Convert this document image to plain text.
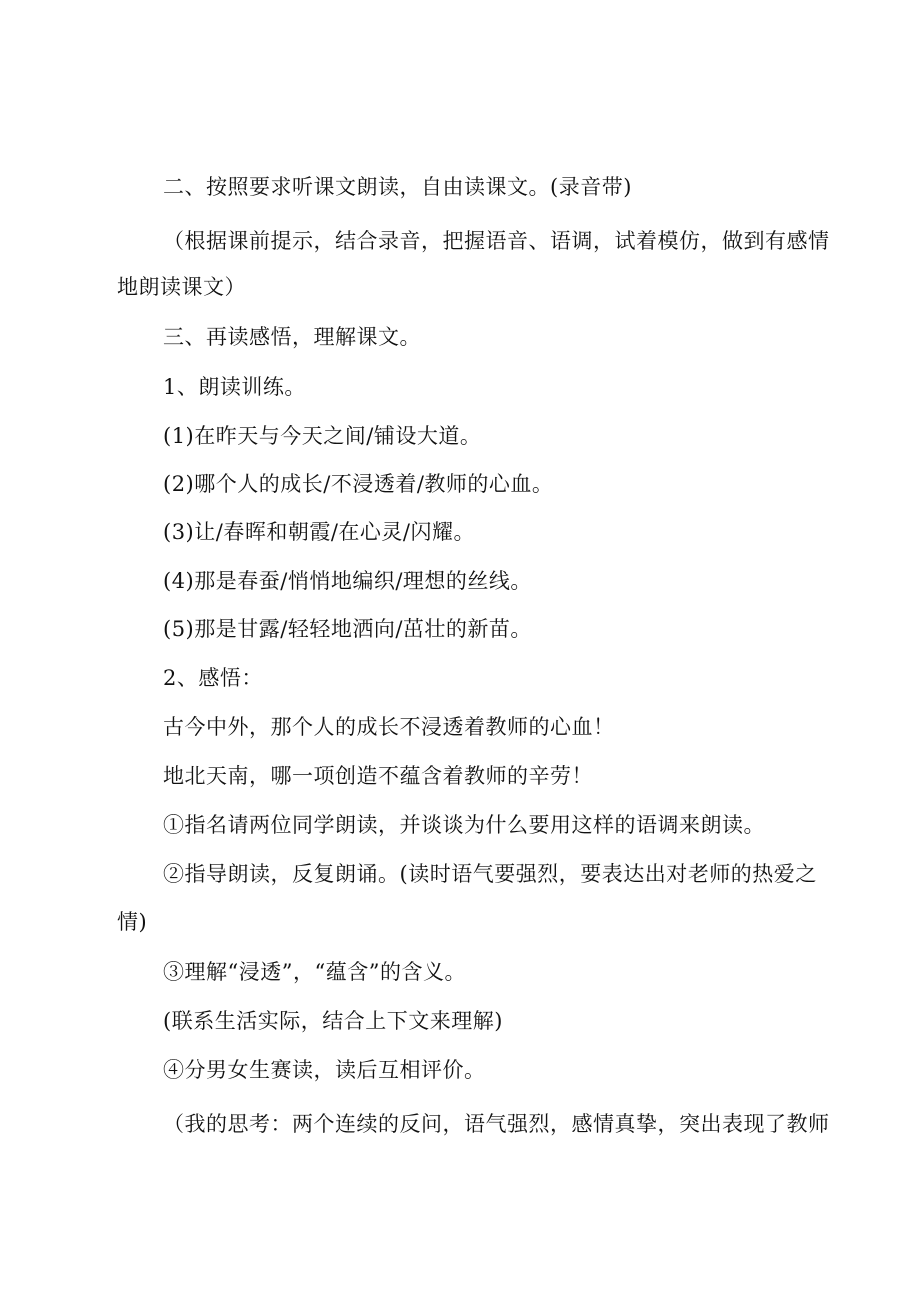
二、按照要求听课文朗读，自由读课文。(录音带)
（根据课前提示，结合录音，把握语音、语调，试着模仿，做到有感情
地朗读课文）
三、再读感悟，理解课文。
1、朗读训练。
(1)在昨天与今天之间/铺设大道。
(2)哪个人的成长/不浸透着/教师的心血。
(3)让/春晖和朝霞/在心灵/闪耀。
(4)那是春蚕/悄悄地编织/理想的丝线。
(5)那是甘露/轻轻地洒向/茁壮的新苗。
2、感悟：
古今中外，那个人的成长不浸透着教师的心血！
地北天南，哪一项创造不蕴含着教师的辛劳！
①指名请两位同学朗读，并谈谈为什么要用这样的语调来朗读。
②指导朗读，反复朗诵。(读时语气要强烈，要表达出对老师的热爱之
情)
③理解“浸透”，“蕴含”的含义。
(联系生活实际，结合上下文来理解)
④分男女生赛读，读后互相评价。
（我的思考：两个连续的反问，语气强烈，感情真挚，突出表现了教师
